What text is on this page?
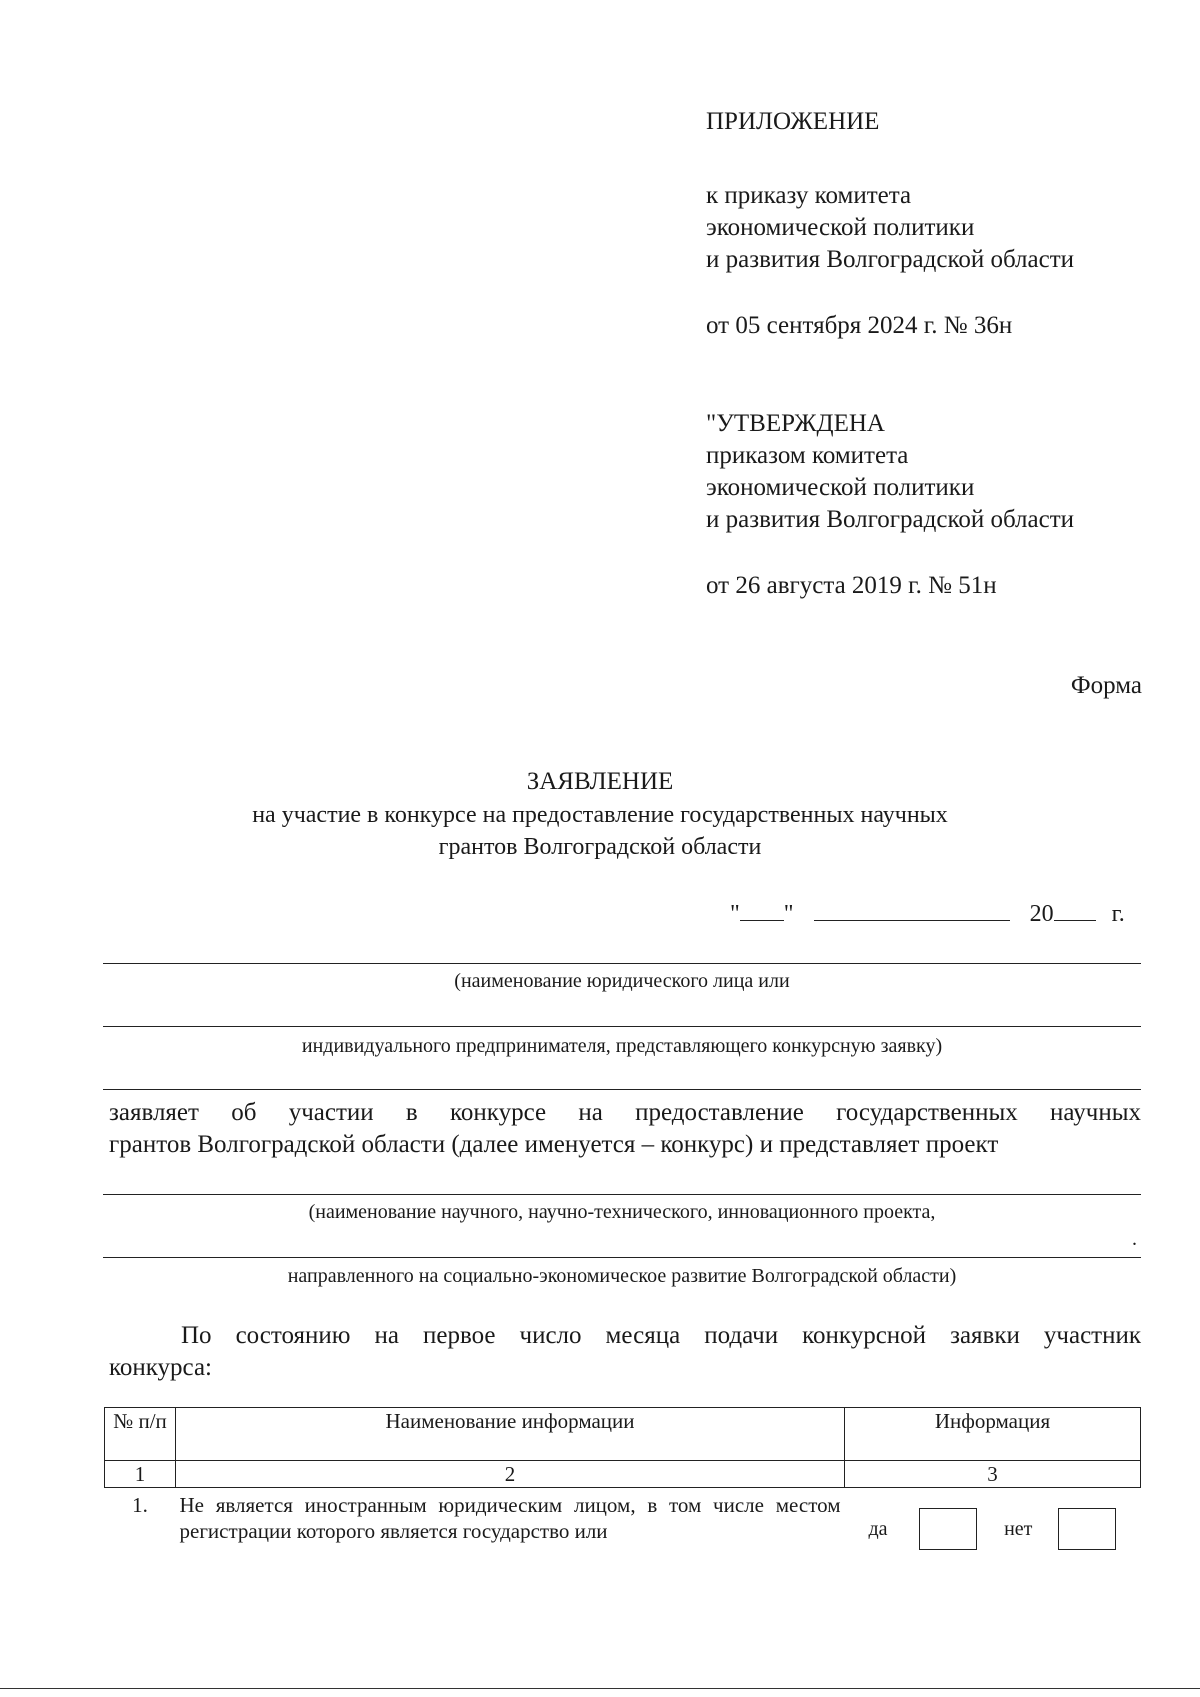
ПРИЛОЖЕНИЕ
к приказу комитета
экономической политики
и развития Волгоградской области
от 05 сентября 2024 г. № 36н
"УТВЕРЖДЕНА
приказом комитета
экономической политики
и развития Волгоградской области
от 26 августа 2019 г. № 51н
Форма
ЗАЯВЛЕНИЕ
на участие в конкурсе на предоставление государственных научных
грантов Волгоградской области
" "	20 г.
(наименование юридического лица или
индивидуального предпринимателя, представляющего конкурсную заявку)
заявляет об участии в конкурсе на предоставление государственных научных
грантов Волгоградской области (далее именуется – конкурс) и представляет проект
(наименование научного, научно-технического, инновационного проекта,
.
направленного на социально-экономическое развитие Волгоградской области)
По состоянию на первое число месяца подачи конкурсной заявки участник
конкурса:
№ п/п	Наименование информации	Информация
1	2	3
1.	Не является иностранным юридическим лицом, в том числе местом регистрации которого является государство или	да нет
